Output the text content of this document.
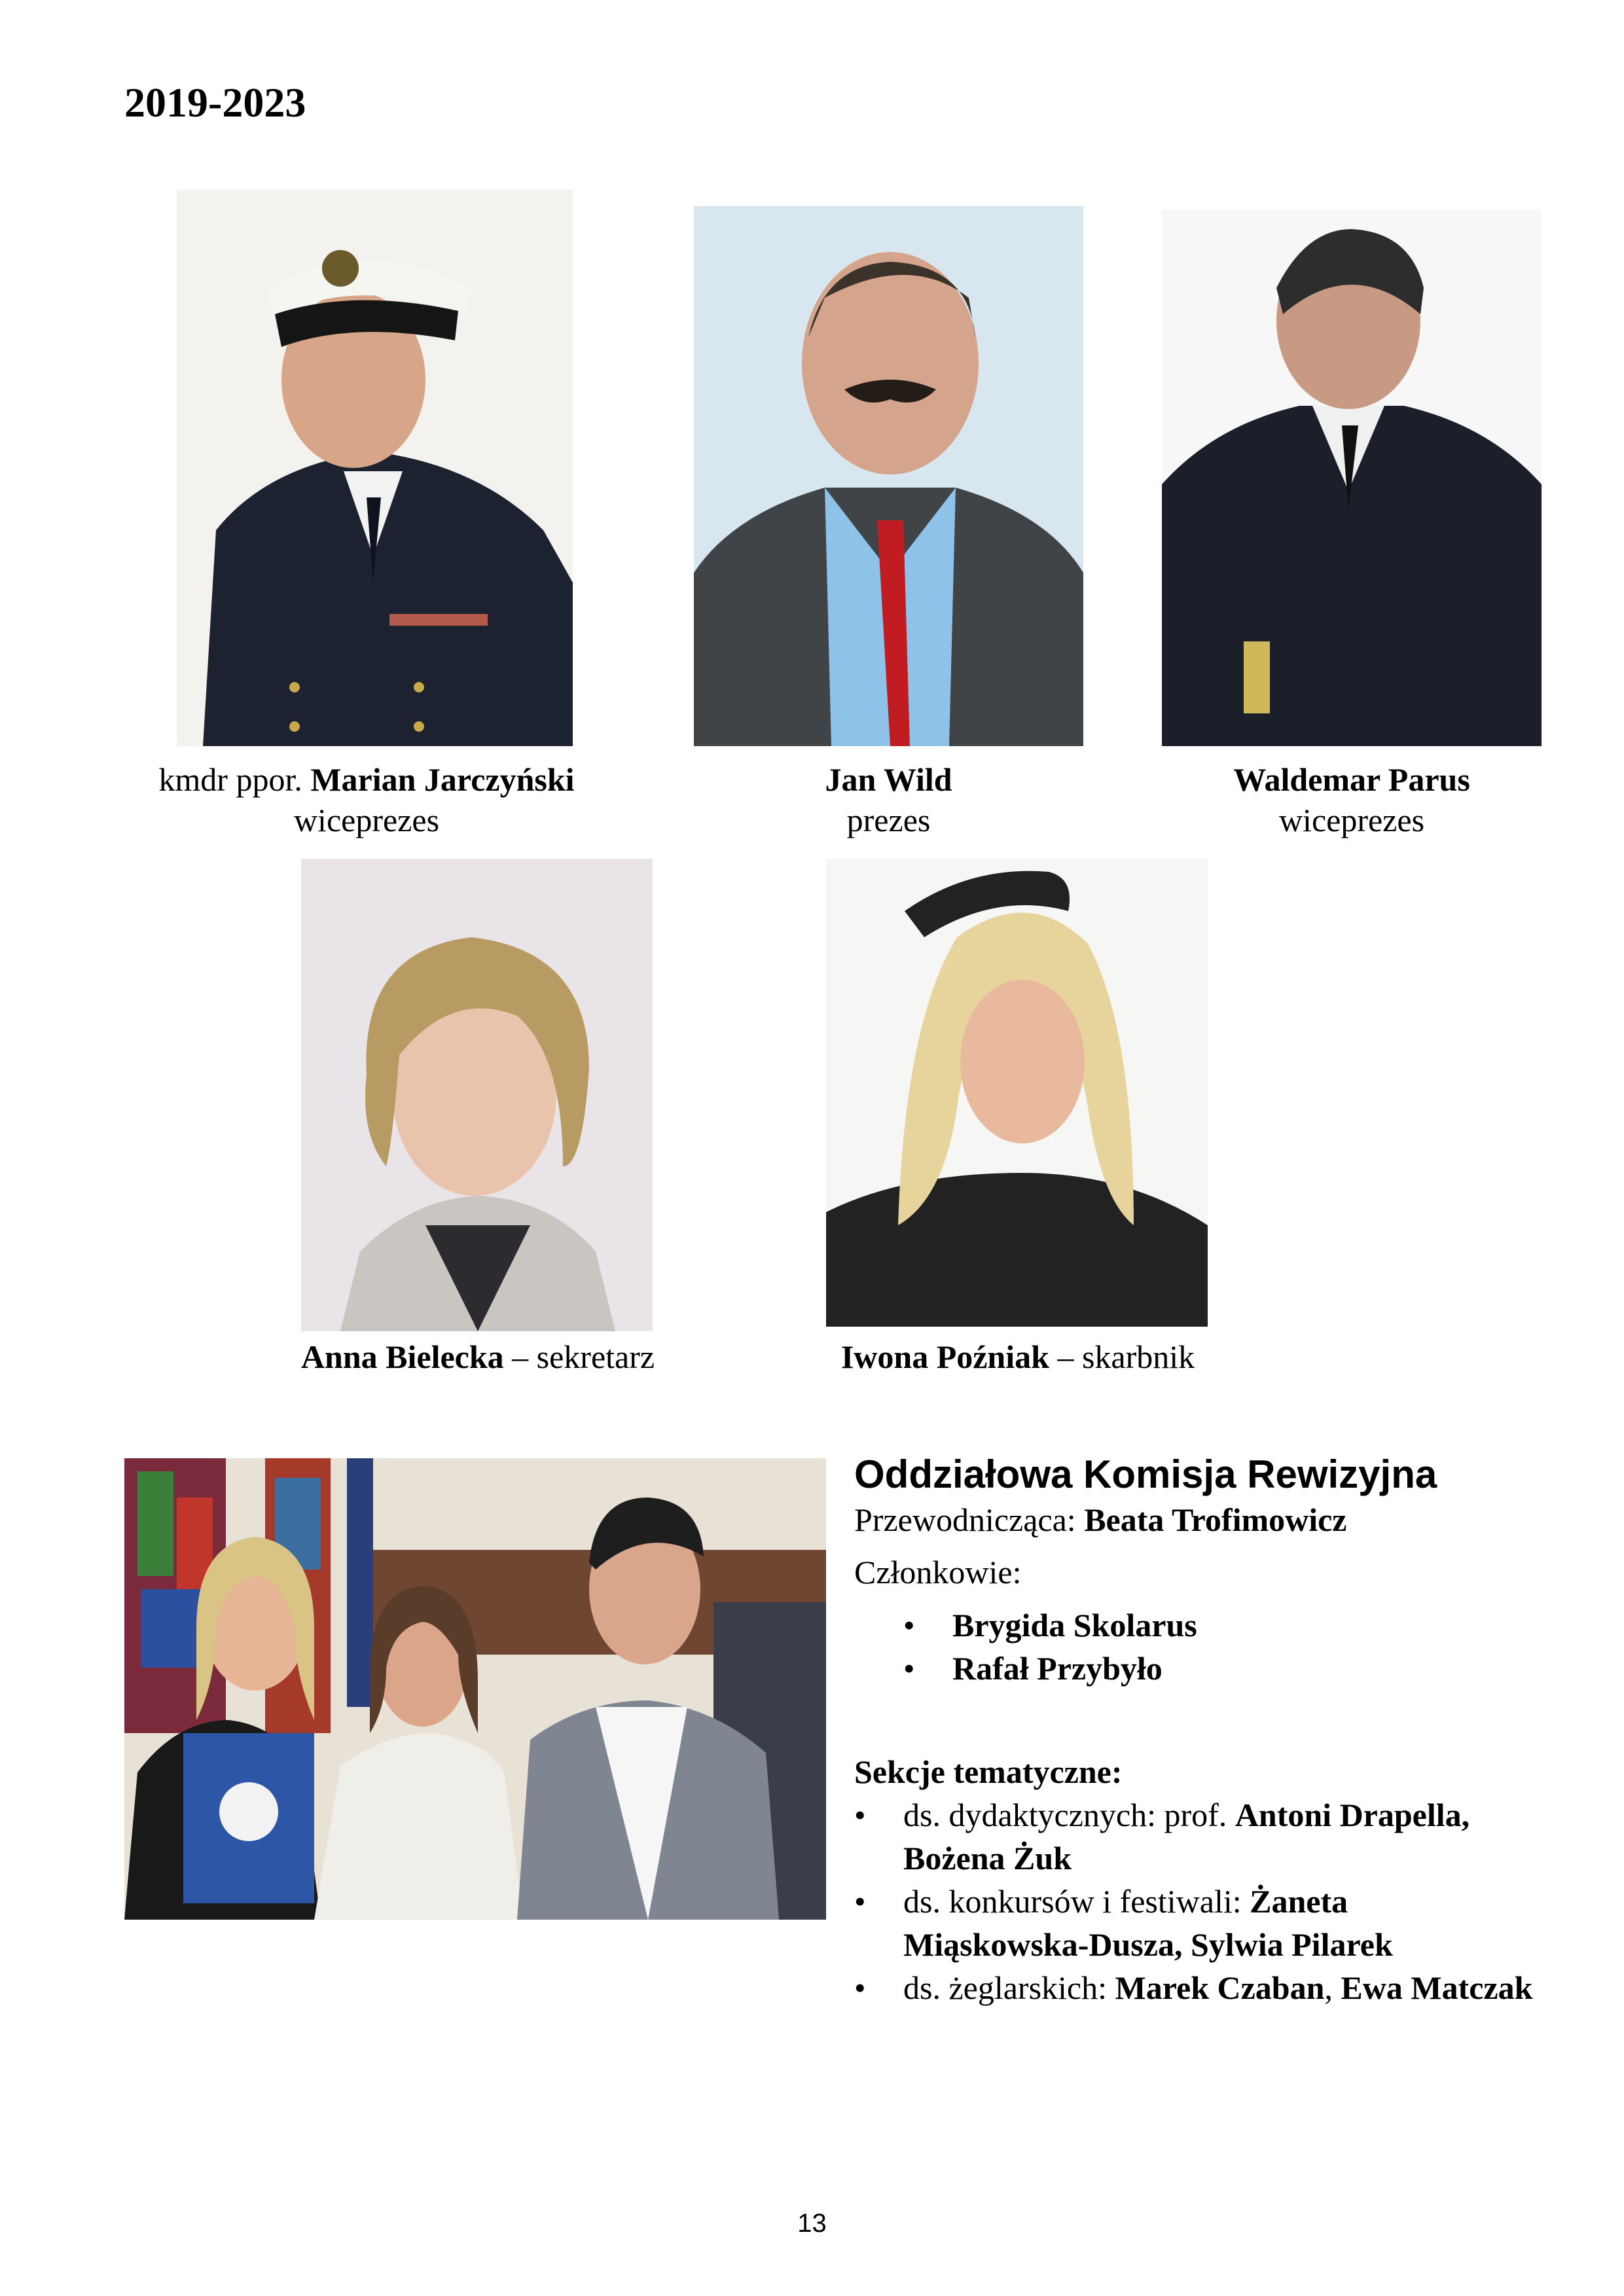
2019-2023
kmdr ppor. Marian Jarczyński
wiceprezes
Jan Wild
prezes
Waldemar Parus
wiceprezes
Anna Bielecka – sekretarz	Iwona Poźniak – skarbnik
Oddziałowa Komisja Rewizyjna
Przewodnicząca: Beata Trofimowicz
Członkowie:
• Brygida Skolarus
• Rafał Przybyło
Sekcje tematyczne:
• ds. dydaktycznych: prof. Antoni Drapella, Bożena Żuk
• ds. konkursów i festiwali: Żaneta Miąskowska-Dusza, Sylwia Pilarek
• ds. żeglarskich: Marek Czaban, Ewa Matczak
13
